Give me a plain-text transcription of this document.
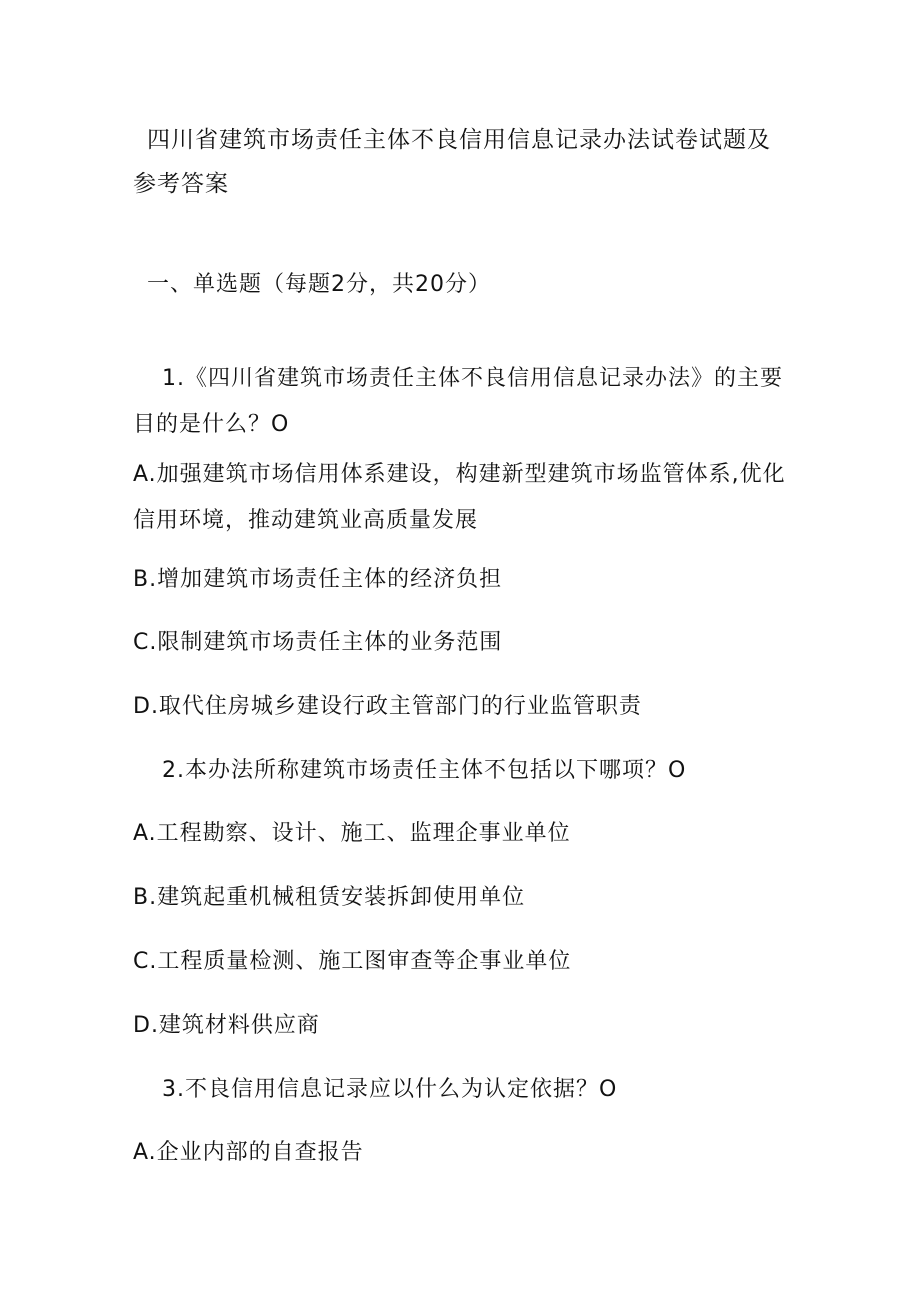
四川省建筑市场责任主体不良信用信息记录办法试卷试题及参考答案

一、单选题（每题2分，共20分）

1.《四川省建筑市场责任主体不良信用信息记录办法》的主要目的是什么？O

A.加强建筑市场信用体系建设，构建新型建筑市场监管体系,优化信用环境，推动建筑业高质量发展

B.增加建筑市场责任主体的经济负担

C.限制建筑市场责任主体的业务范围

D.取代住房城乡建设行政主管部门的行业监管职责

2.本办法所称建筑市场责任主体不包括以下哪项？O

A.工程勘察、设计、施工、监理企事业单位

B.建筑起重机械租赁安装拆卸使用单位

C.工程质量检测、施工图审查等企事业单位

D.建筑材料供应商

3.不良信用信息记录应以什么为认定依据？O

A.企业内部的自查报告
